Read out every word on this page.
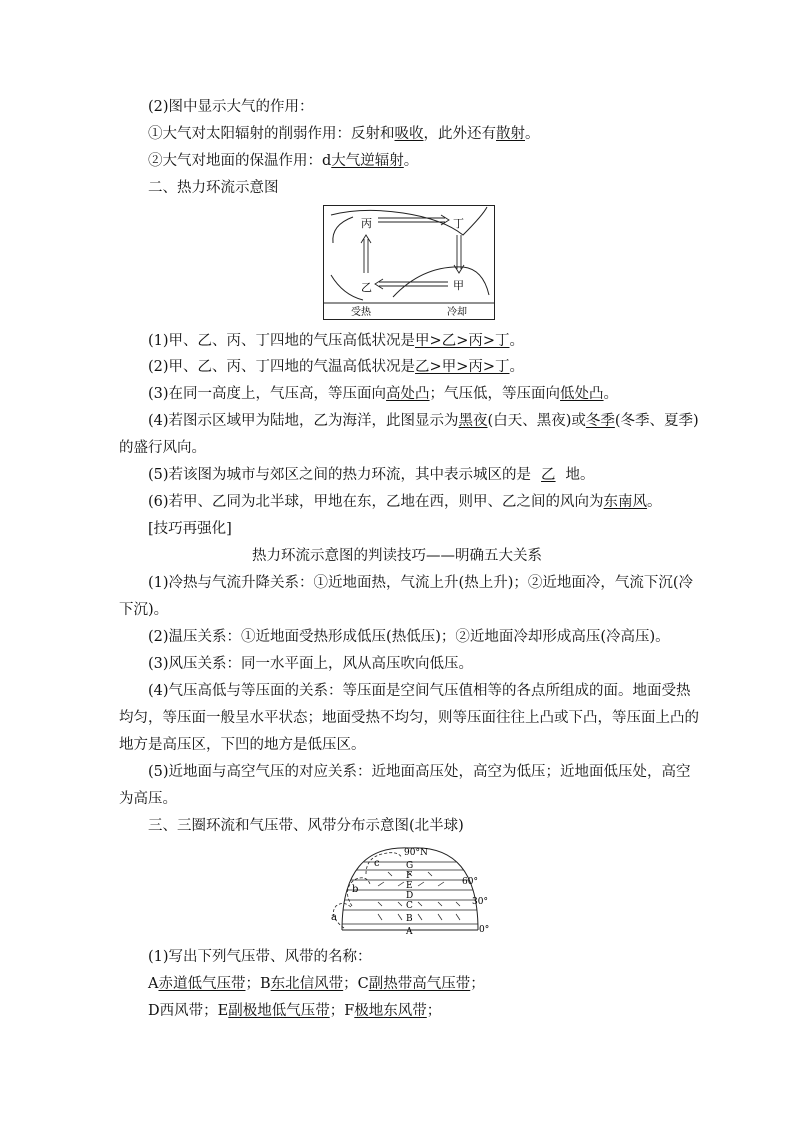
(2)图中显示大气的作用：
①大气对太阳辐射的削弱作用：反射和吸收，此外还有散射。
②大气对地面的保温作用：d大气逆辐射。
二、热力环流示意图
丙	丁
乙	甲
受热	冷却
(1)甲、乙、丙、丁四地的气压高低状况是甲>乙>丙>丁。
(2)甲、乙、丙、丁四地的气温高低状况是乙>甲>丙>丁。
(3)在同一高度上，气压高，等压面向高处凸；气压低，等压面向低处凸。
(4)若图示区域甲为陆地，乙为海洋，此图显示为黑夜(白天、黑夜)或冬季(冬季、夏季)
的盛行风向。
(5)若该图为城市与郊区之间的热力环流，其中表示城区的是 乙 地。
(6)若甲、乙同为北半球，甲地在东，乙地在西，则甲、乙之间的风向为东南风。
[技巧再强化]
热力环流示意图的判读技巧——明确五大关系
(1)冷热与气流升降关系：①近地面热，气流上升(热上升)；②近地面冷，气流下沉(冷
下沉)。
(2)温压关系：①近地面受热形成低压(热低压)；②近地面冷却形成高压(冷高压)。
(3)风压关系：同一水平面上，风从高压吹向低压。
(4)气压高低与等压面的关系：等压面是空间气压值相等的各点所组成的面。地面受热
均匀，等压面一般呈水平状态；地面受热不均匀，则等压面往往上凸或下凸，等压面上凸的
地方是高压区，下凹的地方是低压区。
(5)近地面与高空气压的对应关系：近地面高压处，高空为低压；近地面低压处，高空
为高压。
三、三圈环流和气压带、风带分布示意图(北半球)
a
b
c
A
B
C
D
E
F
G
90°N
60°
30°
0°
(1)写出下列气压带、风带的名称：
A赤道低气压带；B东北信风带；C副热带高气压带；
D西风带；E副极地低气压带；F极地东风带；
